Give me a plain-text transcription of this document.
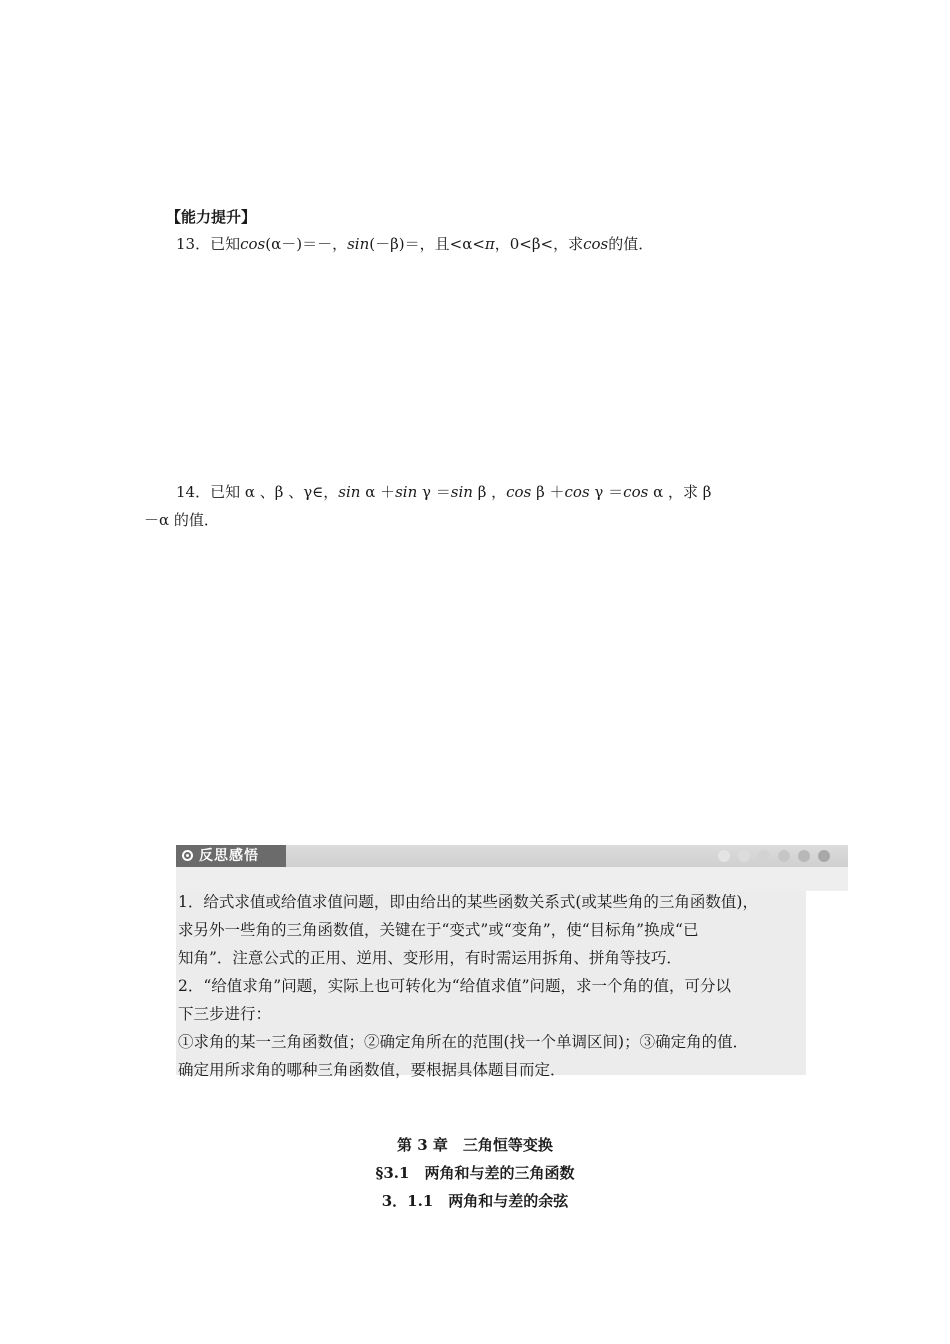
【能力提升】
13．已知cos(α－)＝－，sin(－β)＝，且<α<π，0<β<，求cos的值．
14．已知 α 、β 、γ∈，sin α ＋sin γ ＝sin β ，cos β ＋cos γ ＝cos α ，求 β
－α 的值．
反思感悟

1．给式求值或给值求值问题，即由给出的某些函数关系式(或某些角的三角函数值)，

求另外一些角的三角函数值，关键在于“变式”或“变角”，使“目标角”换成“已

知角”．注意公式的正用、逆用、变形用，有时需运用拆角、拼角等技巧．

2．“给值求角”问题，实际上也可转化为“给值求值”问题，求一个角的值，可分以

下三步进行：

①求角的某一三角函数值；②确定角所在的范围(找一个单调区间)；③确定角的值．

确定用所求角的哪种三角函数值，要根据具体题目而定．

第 3 章　三角恒等变换
§3.1　两角和与差的三角函数
3．1.1　两角和与差的余弦
